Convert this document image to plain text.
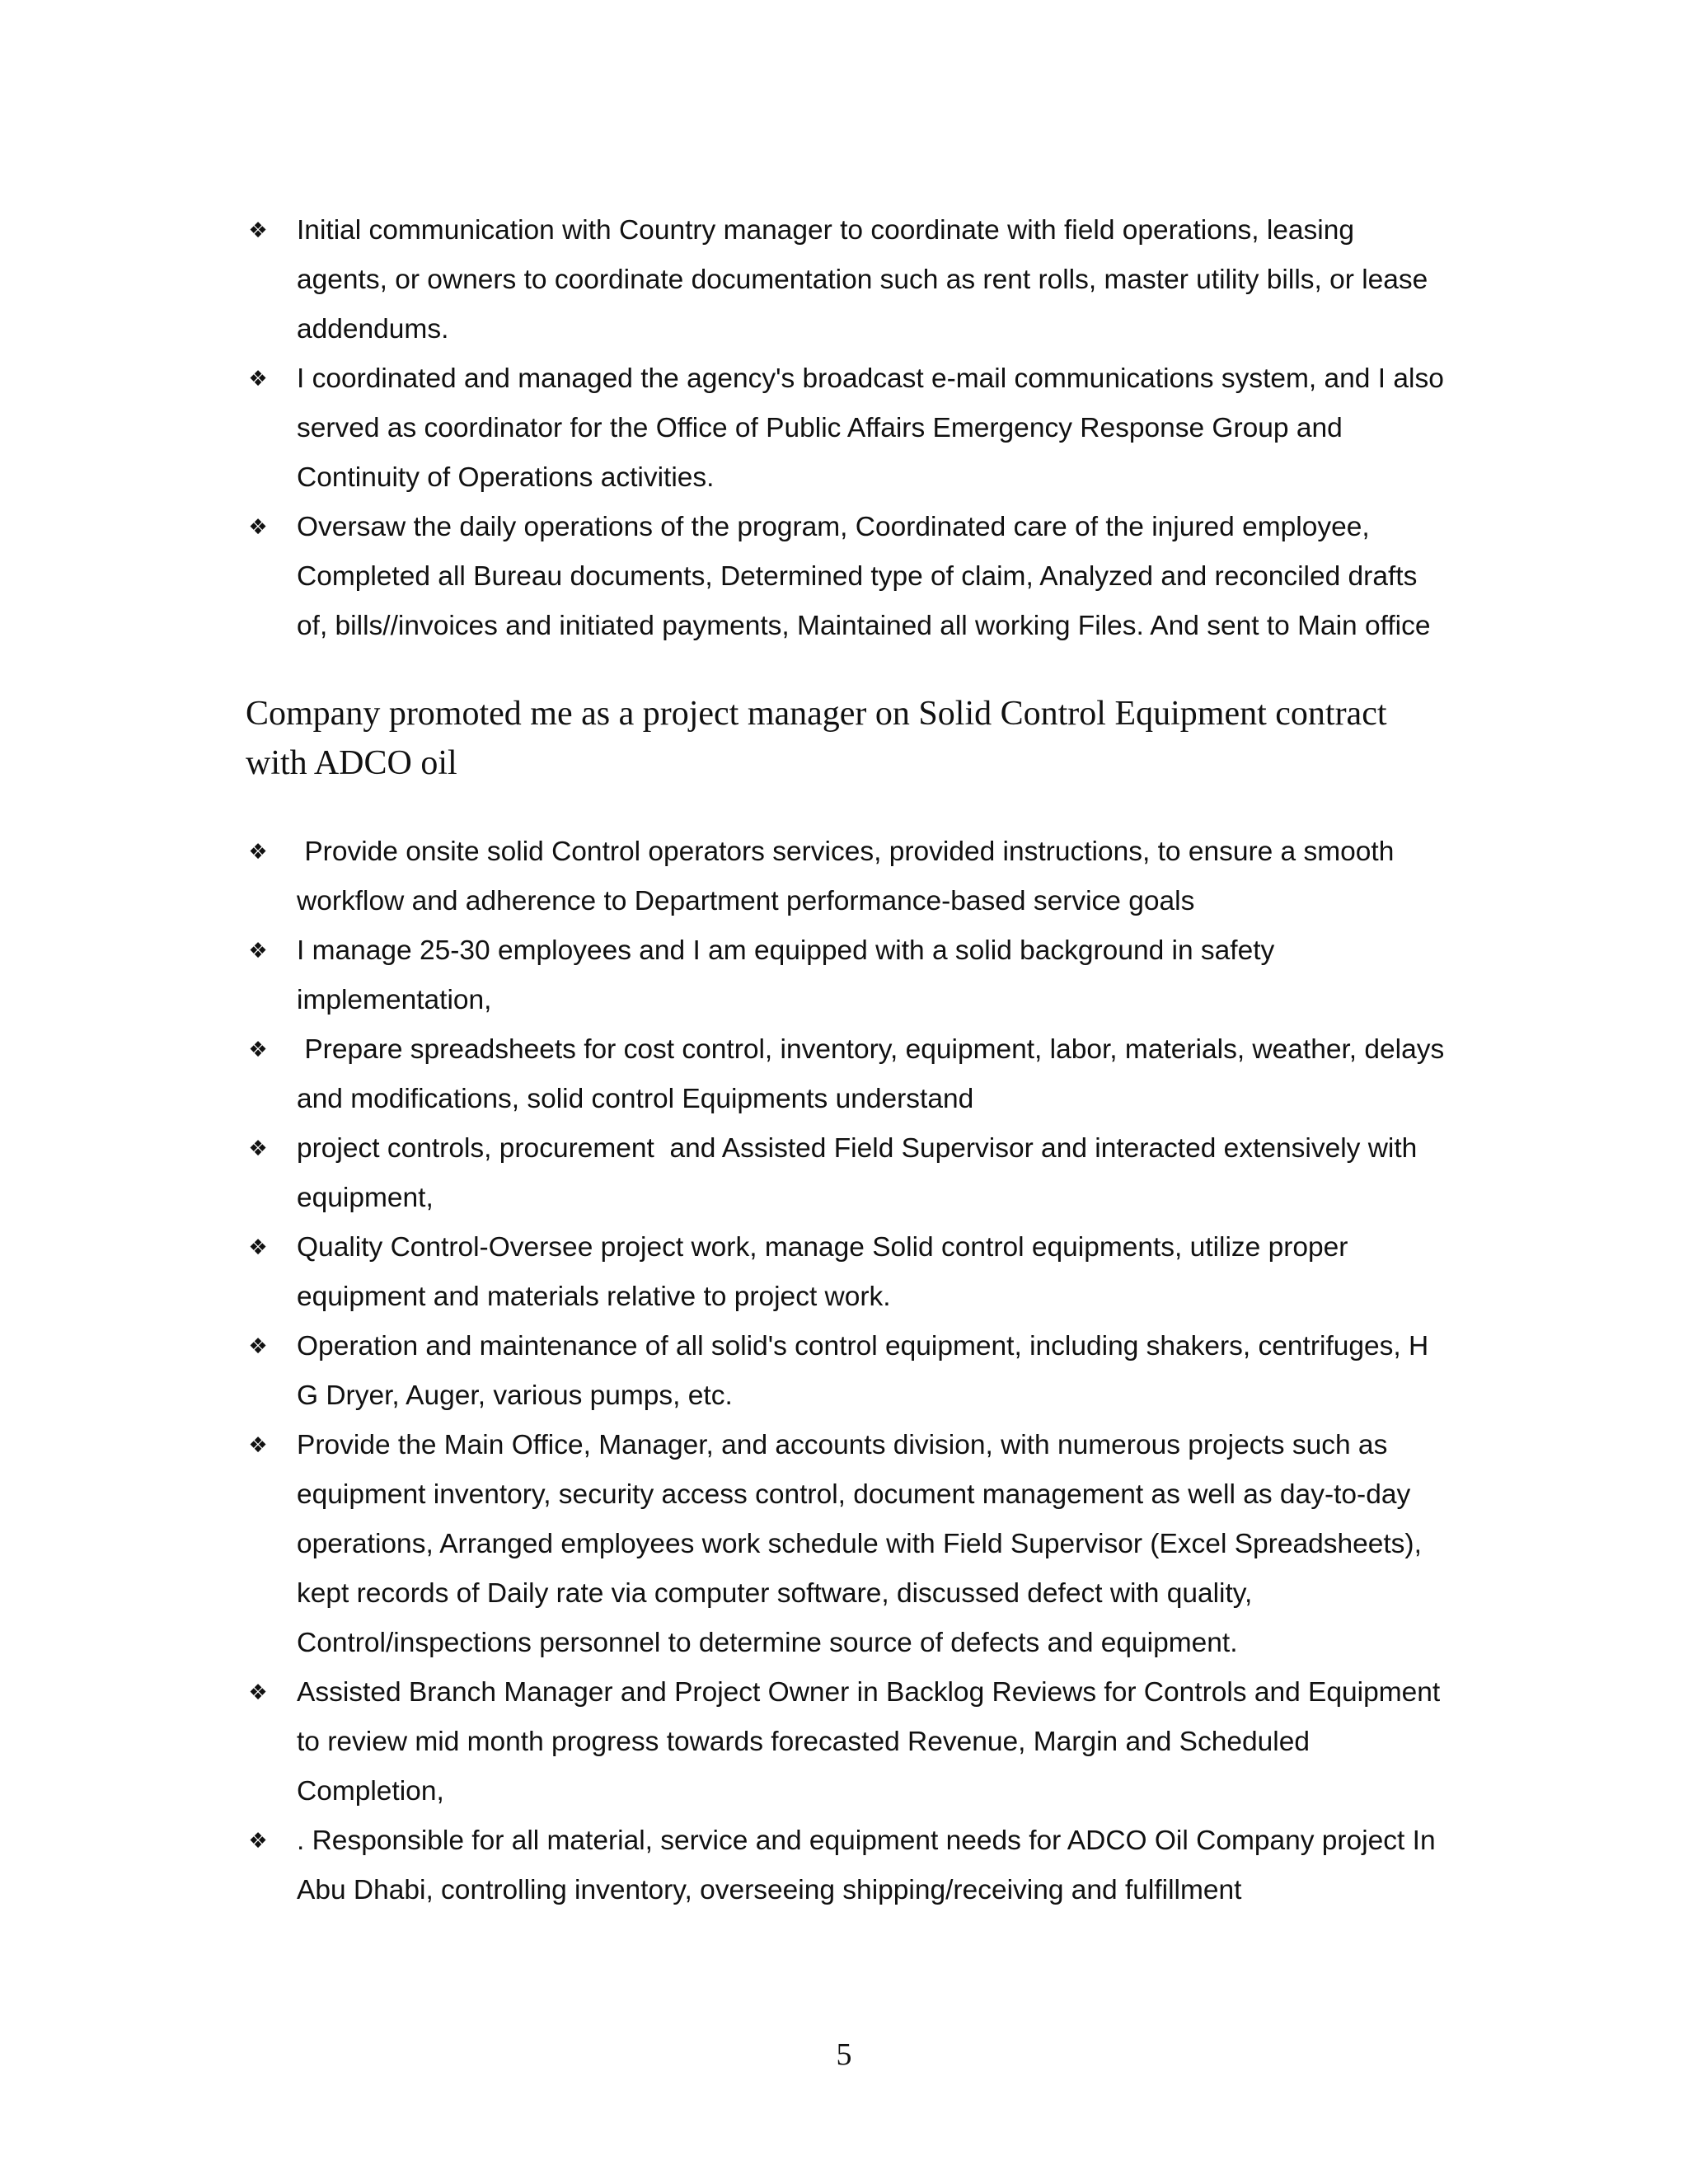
❖ Initial communication with Country manager to coordinate with field operations, leasing agents, or owners to coordinate documentation such as rent rolls, master utility bills, or lease addendums.
❖ I coordinated and managed the agency's broadcast e-mail communications system, and I also served as coordinator for the Office of Public Affairs Emergency Response Group and Continuity of Operations activities.
❖ Oversaw the daily operations of the program, Coordinated care of the injured employee, Completed all Bureau documents, Determined type of claim, Analyzed and reconciled drafts of, bills//invoices and initiated payments, Maintained all working Files. And sent to Main office
Company promoted me as a project manager on Solid Control Equipment contract   with ADCO oil
❖ Provide onsite solid Control operators services, provided instructions, to ensure a smooth workflow and adherence to Department performance-based service goals
❖ I manage 25-30 employees and I am equipped with a solid background in safety implementation,
❖ Prepare spreadsheets for cost control, inventory, equipment, labor, materials, weather, delays and modifications, solid control Equipments understand
❖ project controls, procurement  and Assisted Field Supervisor and interacted extensively with equipment,
❖ Quality Control-Oversee project work, manage Solid control equipments, utilize proper equipment and materials relative to project work.
❖ Operation and maintenance of all solid's control equipment, including shakers, centrifuges, H G Dryer, Auger, various pumps, etc.
❖ Provide the Main Office, Manager, and accounts division, with numerous projects such as equipment inventory, security access control, document management as well as day-to-day operations, Arranged employees work schedule with Field Supervisor (Excel Spreadsheets), kept records of Daily rate via computer software, discussed defect with quality, Control/inspections personnel to determine source of defects and equipment.
❖ Assisted Branch Manager and Project Owner in Backlog Reviews for Controls and Equipment to review mid month progress towards forecasted Revenue, Margin and Scheduled Completion,
❖ . Responsible for all material, service and equipment needs for ADCO Oil Company project In Abu Dhabi, controlling inventory, overseeing shipping/receiving and fulfillment
5
